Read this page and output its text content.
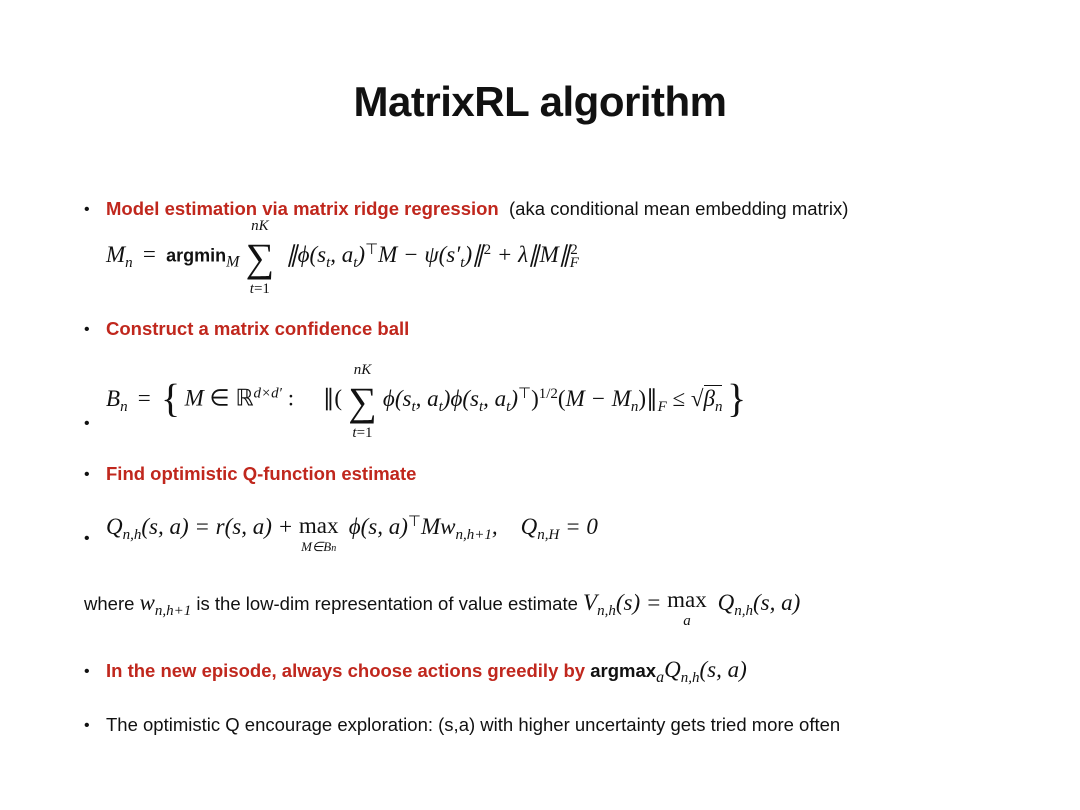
MatrixRL algorithm
• Model estimation via matrix ridge regression (aka conditional mean embedding matrix)
$M_n = argminM$
nK
∑
t=1
$\parallel\phi(s_t$, $a_t)^⊤M$ − $\psi(s'_t)\parallel^2$ + λ∥M∥$^2_F$
• Construct a matrix confidence ball
•
$B_n$  =  { M ∈ ℝd×d′ :     ∥(
nK
∑
t=1
$\phi(s_t$, $a_t)\phi(s_t$, $a_t)^⊤)^{1/2}(M$ − $M_n)\parallel_F \le √\beta_n$ }
• Find optimistic Q-function estimate
• $Q_{n,h}(s$, a) = r(s, a) + max
M∈Bn
ϕ(s, $a)^⊤Mw_{n,h+1}$,    $Q_{n,H} = 0$
where $w_{n,h+1}$ is the low-dim representation of value estimate $V_{n,h}(s) = \max$
a
$Q_{n,h}(s$, a)
• In the new episode, always choose actions greedily by argmaxaQ$_{n,h}$(s, a)
• The optimistic Q encourage exploration: (s,a) with higher uncertainty gets tried more often
